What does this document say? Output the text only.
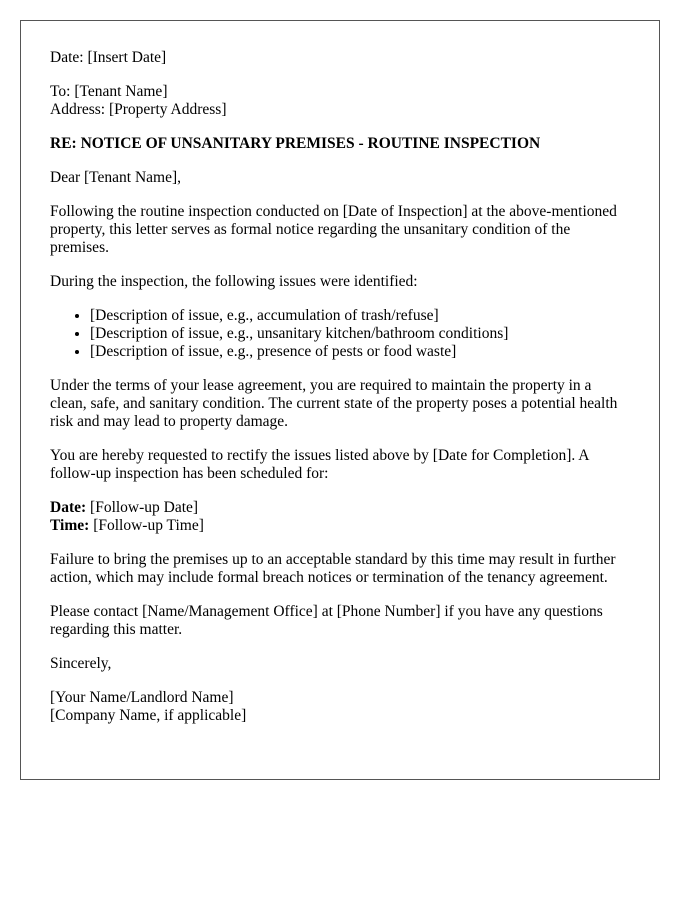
Date: [Insert Date]

To: [Tenant Name]
Address: [Property Address]

RE: NOTICE OF UNSANITARY PREMISES - ROUTINE INSPECTION

Dear [Tenant Name],

Following the routine inspection conducted on [Date of Inspection] at the above-mentioned property, this letter serves as formal notice regarding the unsanitary condition of the premises.

During the inspection, the following issues were identified:

• [Description of issue, e.g., accumulation of trash/refuse]
• [Description of issue, e.g., unsanitary kitchen/bathroom conditions]
• [Description of issue, e.g., presence of pests or food waste]

Under the terms of your lease agreement, you are required to maintain the property in a clean, safe, and sanitary condition. The current state of the property poses a potential health risk and may lead to property damage.

You are hereby requested to rectify the issues listed above by [Date for Completion]. A follow-up inspection has been scheduled for:

Date: [Follow-up Date]
Time: [Follow-up Time]

Failure to bring the premises up to an acceptable standard by this time may result in further action, which may include formal breach notices or termination of the tenancy agreement.

Please contact [Name/Management Office] at [Phone Number] if you have any questions regarding this matter.

Sincerely,

[Your Name/Landlord Name]
[Company Name, if applicable]
